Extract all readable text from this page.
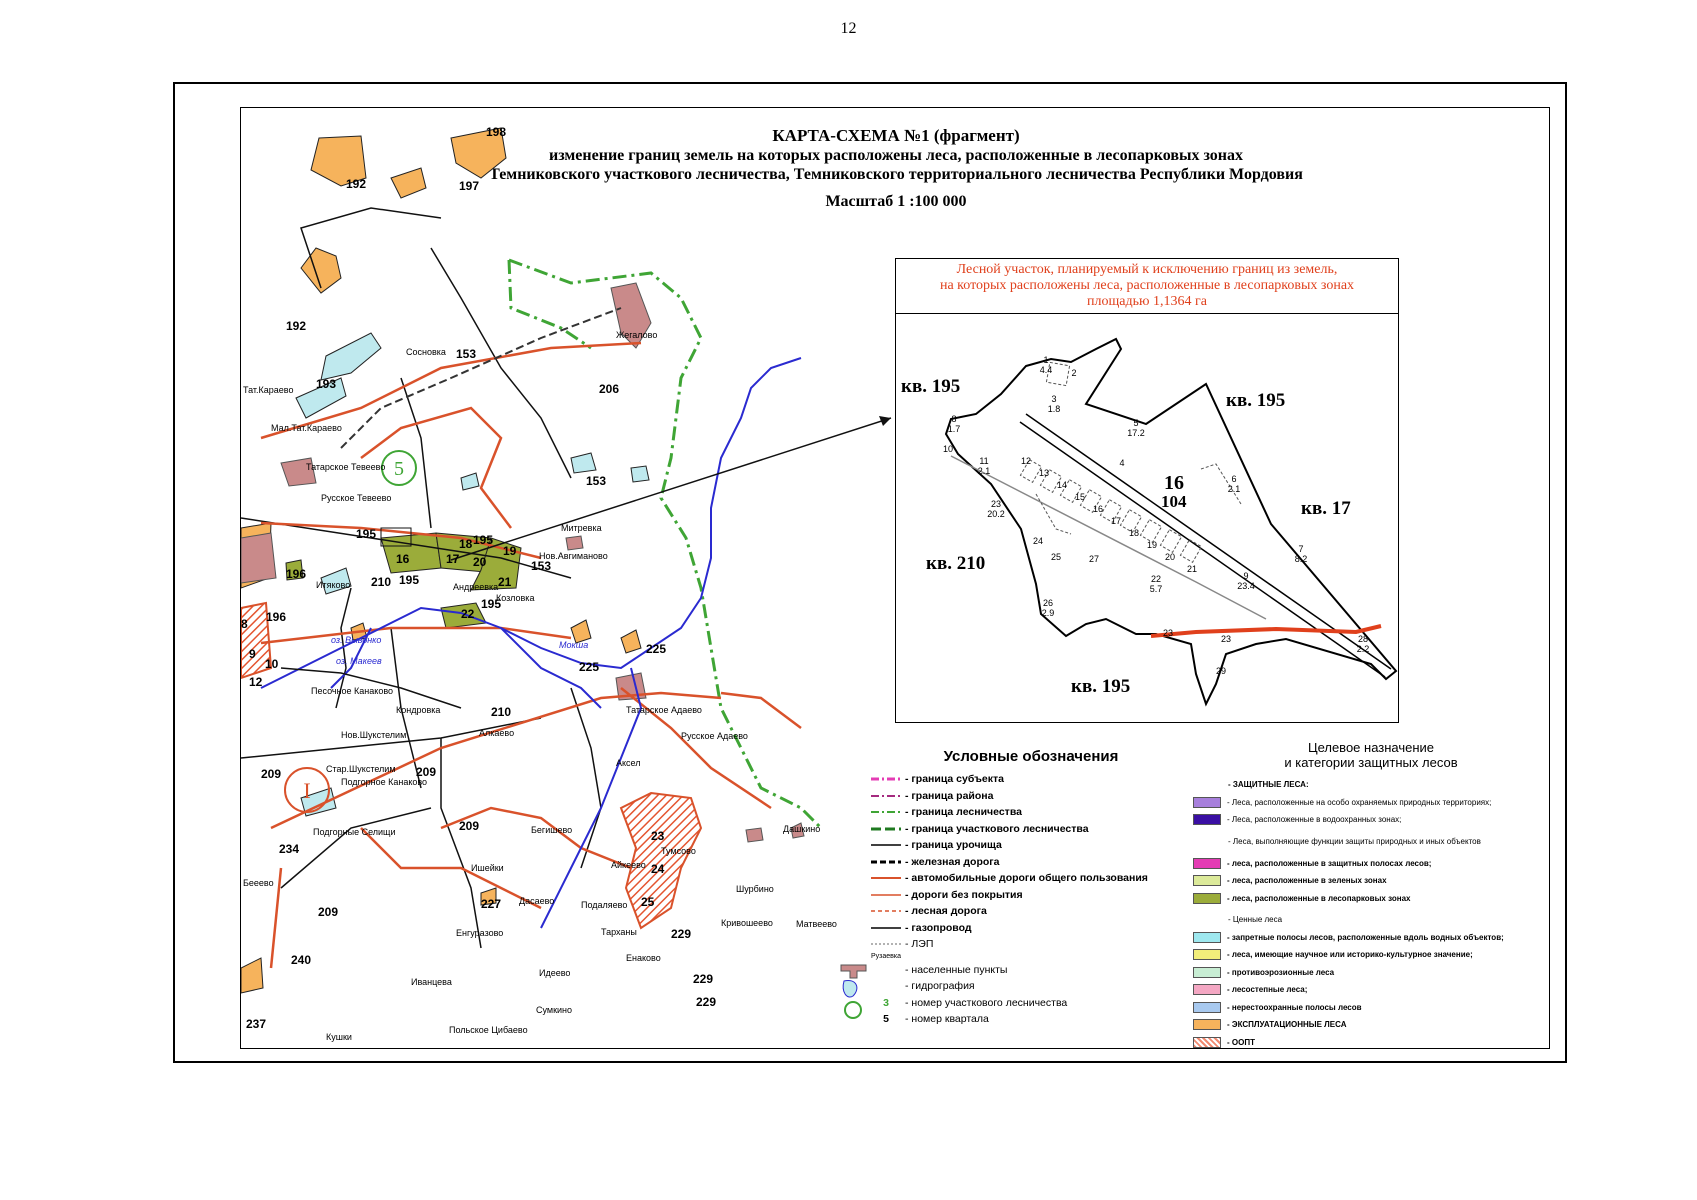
12
КАРТА-СХЕМА №1 (фрагмент)
изменение границ земель на которых расположены леса, расположенные в лесопарковых зонах
Темниковского участкового лесничества, Темниковского территориального лесничества Республики Мордовия
Масштаб 1 :100 000
5
I
192
192
193
197
198
153
153
153
206
195
195
195
195
196
196
16	17
18	19
20
21
22
210
210
209	209
209
209
225
225
227
229
229
229
23
24
25
234
237
240
8
9
10
12
Жегалово
Сосновка
Мал.Тат.Караево
Татарское Тевеево
Русское Тевеево
Итяково
Митревка
Нов.Авгиманово
Андреевка
Козловка
Песочное Канаково
Кондровка
Нов.Шукстелим
Стар.Шукстелим
Подгорное Канаково
Подгорные Селищи
Алкаево
Татарское Адаево
Русское Адаево
Аксел
Бегишево
Ишейки
Дасаево
Айкеево
Тумсово
Дашкино
Шурбино
Подаляево
Тарханы
Кривошеево	Матвеево
Енгуразово
Идеево
Енаково
Иванцева
Кушки
Польское Цибаево
Сумкино
Тат.Караево
Бееево
оз. Вывонко
оз. Макеев
Мокша
Лесной участок, планируемый к исключению границ из земель,
на которых расположены леса, расположенные в лесопарковых зонах
площадью 1,1364 га
кв. 195
кв. 195
кв. 17
кв. 210
кв. 195
16
104
1
4.4 2
3
1.8
4
5
17.2
6
2.1
7
8.2
8
1.7
9
23.4
10
11
2.1
12
13
14
15
16
17
18
19
20
21
22
5.7
23
20.2
24
25
26
2.9
27
28
2.2
23
23
29
Условные обозначения
- граница субъекта
- граница района
- граница лесничества
- граница участкового лесничества
- граница урочища
- железная дорога
- автомобильные дороги общего пользования
- дороги без покрытия
- лесная дорога
- газопровод
- ЛЭП
Рузаевка
- населенные пункты
- гидрография
3	- номер участкового лесничества
5	- номер квартала
Целевое назначение
и категории защитных лесов
- ЗАЩИТНЫЕ ЛЕСА:
- Леса, расположенные на особо охраняемых природных территориях;
- Леса, расположенные в водоохранных зонах;
- Леса, выполняющие функции защиты природных и иных объектов
- леса, расположенные в защитных полосах лесов;
- леса, расположенные в зеленых зонах
- леса, расположенные в лесопарковых зонах
- Ценные леса
- запретные полосы лесов, расположенные вдоль водных объектов;
- леса, имеющие научное или историко-культурное значение;
- противоэрозионные леса
- лесостепные леса;
- нерестоохранные полосы лесов
- ЭКСПЛУАТАЦИОННЫЕ ЛЕСА
- ООПТ
